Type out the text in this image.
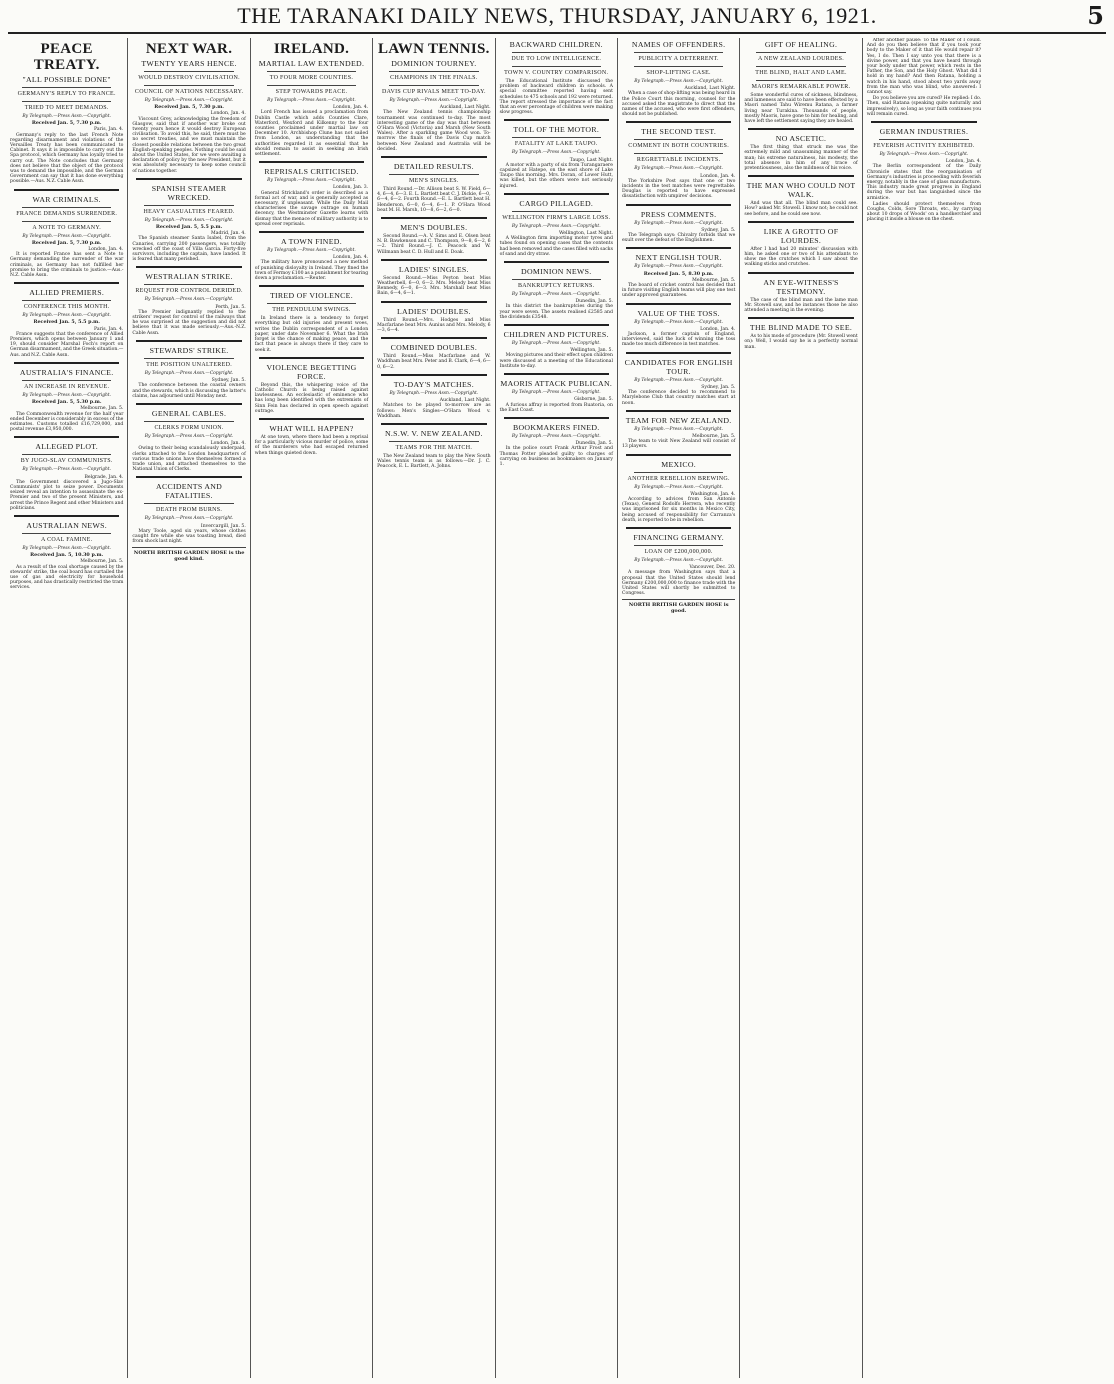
THE TARANAKI DAILY NEWS, THURSDAY, JANUARY 6, 1921.	5
PEACE TREATY.
"ALL POSSIBLE DONE"
GERMANY'S REPLY TO FRANCE.
TRIED TO MEET DEMANDS.
By Telegraph.—Press Assn.—Copyright.
Received Jan. 5, 7.30 p.m.
Paris, Jan. 4.
Germany's reply to the last French Note regarding disarmament and violations of the Versailles Treaty has been communicated to Cabinet. It says it is impossible to carry out the Spa protocol, which Germany has loyally tried to carry out. The Note concludes that Germany does not believe that the object of the protocol was to demand the impossible, and the German Government can say that it has done everything possible.—Aus. N.Z. Cable Assn.
WAR CRIMINALS.
FRANCE DEMANDS SURRENDER.
A NOTE TO GERMANY.
By Telegraph.—Press Assn.—Copyright.
Received Jan. 5, 7.30 p.m.
London, Jan. 4.
It is reported France has sent a Note to Germany demanding the surrender of the war criminals, as Germany has not fulfilled her promise to bring the criminals to justice.—Aus.-N.Z. Cable Assn.
ALLIED PREMIERS.
CONFERENCE THIS MONTH.
By Telegraph.—Press Assn.—Copyright.
Received Jan. 5, 5.5 p.m.
Paris, Jan. 4.
France suggests that the conference of Allied Premiers, which opens between January 1 and 19, should consider Marshal Foch's report on German disarmament, and the Greek situation.—Aus. and N.Z. Cable Assn.
AUSTRALIA'S FINANCE.
AN INCREASE IN REVENUE.
By Telegraph.—Press Assn.—Copyright.
Received Jan. 5, 5.30 p.m.
Melbourne, Jan. 5.
The Commonwealth revenue for the half year ended December is considerably in excess of the estimates. Customs totalled £16,729,000, and postal revenue £3,950,000.
ALLEGED PLOT.
BY JUGO-SLAV COMMUNISTS.
By Telegraph.—Press Assn.—Copyright.
Belgrade, Jan. 4.
The Government discovered a Jugo-Slav Communists' plot to seize power. Documents seized reveal an intention to assassinate the ex-Premier and two of the present Ministers, and arrest the Prince Regent and other Ministers and politicians.
AUSTRALIAN NEWS.
A COAL FAMINE.
By Telegraph.—Press Assn.—Copyright.
Received Jan. 5, 10.30 p.m.
Melbourne, Jan. 5.
As a result of the coal shortage caused by the stewards' strike, the coal board has curtailed the use of gas and electricity for household purposes, and has drastically restricted the tram services.
NEXT WAR.
TWENTY YEARS HENCE.
WOULD DESTROY CIVILISATION.
COUNCIL OF NATIONS NECESSARY.
By Telegraph.—Press Assn.—Copyright.
Received Jan. 5, 7.30 p.m.
London, Jan. 4.
Viscount Grey, acknowledging the freedom of Glasgow, said that if another war broke out twenty years hence it would destroy European civilisation. To avoid this, he said, there must be no secret treaties, and we must maintain the closest possible relations between the two great English-speaking peoples. Nothing could be said about the United States, for we were awaiting a declaration of policy by the new President, but it was absolutely necessary to keep some council of nations together.
SPANISH STEAMER WRECKED.
HEAVY CASUALTIES FEARED.
By Telegraph.—Press Assn.—Copyright.
Received Jan. 5, 5.5 p.m.
Madrid, Jan. 4.
The Spanish steamer Santa Isabel, from the Canaries, carrying 200 passengers, was totally wrecked off the coast of Villa Garcia. Forty-five survivors, including the captain, have landed. It is feared that many perished.
WESTRALIAN STRIKE.
REQUEST FOR CONTROL DERIDED.
By Telegraph.—Press Assn.—Copyright.
Perth, Jan. 5.
The Premier indignantly replied to the strikers' request for control of the railways that he was surprised at the suggestion and did not believe that it was made seriously.—Aus.-N.Z. Cable Assn.
STEWARDS' STRIKE.
THE POSITION UNALTERED.
By Telegraph.—Press Assn.—Copyright.
Sydney, Jan. 5.
The conference between the coastal owners and the stewards, which is discussing the latter's claims, has adjourned until Monday next.
GENERAL CABLES.
CLERKS FORM UNION.
By Telegraph.—Press Assn.—Copyright.
London, Jan. 4.
Owing to their being scandalously underpaid, clerks attached to the London headquarters of various trade unions have themselves formed a trade union, and attached themselves to the National Union of Clerks.
ACCIDENTS AND FATALITIES.
DEATH FROM BURNS.
By Telegraph.—Press Assn.—Copyright.
Invercargill, Jan. 5.
Mary Toole, aged six years, whose clothes caught fire while she was toasting bread, died from shock last night.
NORTH BRITISH GARDEN HOSE is the good kind.
IRELAND.
MARTIAL LAW EXTENDED.
TO FOUR MORE COUNTIES.
STEP TOWARDS PEACE.
By Telegraph.—Press Assn.—Copyright.
London, Jan. 4.
Lord French has issued a proclamation from Dublin Castle which adds Counties Clare, Waterford, Wexford and Kilkenny to the four counties proclaimed under martial law on December 10. Archbishop Clune has not sailed from London, as understanding that the authorities regarded it as essential that he should remain to assist in seeking an Irish settlement.
REPRISALS CRITICISED.
By Telegraph.—Press Assn.—Copyright.
London, Jan. 3.
General Strickland's order is described as a formal act of war, and is generally accepted as necessary, if unpleasant. While the Daily Mail characterises the savage outrage on human decency, the Westminster Gazette learns with dismay that the menace of military authority is to spread over reprisals.
A TOWN FINED.
By Telegraph.—Press Assn.—Copyright.
London, Jan. 4.
The military have pronounced a new method of punishing disloyalty in Ireland. They fined the town of Fermoy £100 as a punishment for tearing down a proclamation.—Reuter.
TIRED OF VIOLENCE.
THE PENDULUM SWINGS.
In Ireland there is a tendency to forget everything but old injuries and present woes, writes the Dublin correspondent of a London paper, under date November 6. What the Irish forget is the chance of making peace, and the fact that peace is always there if they care to seek it.
VIOLENCE BEGETTING FORCE.
Beyond this, the whispering voice of the Catholic Church is being raised against lawlessness. An ecclesiastic of eminence who has long been identified with the extremists of Sinn Fein has declared in open speech against outrage.
WHAT WILL HAPPEN?
At one town, where there had been a reprisal for a particularly vicious murder of police, some of the murderers who had escaped returned when things quieted down.
LAWN TENNIS.
DOMINION TOURNEY.
CHAMPIONS IN THE FINALS.
DAVIS CUP RIVALS MEET TO-DAY.
By Telegraph.—Press Assn.—Copyright.
Auckland, Last Night.
The New Zealand tennis championship tournament was continued to-day. The most interesting game of the day was that between O'Hara Wood (Victoria) and Marsh (New South Wales). After a sparkling game Wood won. To-morrow the finals of the Davis Cup match between New Zealand and Australia will be decided.
DETAILED RESULTS.
MEN'S SINGLES.
Third Round.—Dr. Allison beat S. W. Field, 6—4, 6—4, 6—3. E. L. Bartlett beat C. J. Dickie, 6—0, 6—4, 6—2. Fourth Round.—E. L. Bartlett beat H. Henderson, 6—0, 6—4, 6—1. P. O'Hara Wood beat M. H. Marsh, 10—8, 6—2, 6—0.
MEN'S DOUBLES.
Second Round.—A. V. Sims and E. Olsen beat N. B. Bawkenson and C. Thompson, 9—8, 6—2, 6—2. Third Round.—J. C. Peacock and W. Willmann beat C. D. Hull and E. Doak.
LADIES' SINGLES.
Second Round.—Miss Peyton beat Miss Weatherbell, 6—0, 6—2. Mrs. Melody beat Miss Rennedy, 6—0, 6—3. Mrs. Marshall beat Miss Bain, 6—4, 6—1.
LADIES' DOUBLES.
Third Round.—Mrs. Hodges and Miss Macfarlane beat Mrs. Aunius and Mrs. Melody, 6—3, 6—4.
COMBINED DOUBLES.
Third Round.—Miss Macfarlane and W. Waddham beat Mrs. Peter and B. Clark, 6—4, 6—0, 6—2.
TO-DAY'S MATCHES.
By Telegraph.—Press Assn.—Copyright.
Auckland, Last Night.
Matches to be played to-morrow are as follows: Men's Singles—O'Hara Wood v. Waddham.
N.S.W. V. NEW ZEALAND.
TEAMS FOR THE MATCH.
The New Zealand team to play the New South Wales tennis team is as follows:—Dr. J. C. Peacock, E. L. Bartlett, A. Johns.
BACKWARD CHILDREN.
DUE TO LOW INTELLIGENCE.
TOWN V. COUNTRY COMPARISON.
The Educational Institute discussed the problem of backward children in schools. A special committee reported having sent schedules to 475 schools and 192 were returned. The report stressed the importance of the fact that an ever percentage of children were making slow progress.
TOLL OF THE MOTOR.
FATALITY AT LAKE TAUPO.
By Telegraph.—Press Assn.—Copyright.
Taupo, Last Night.
A motor with a party of six from Turangaraere capsized at Hatepe, on the east shore of Lake Taupo this morning. Mrs. Doran, of Lower Hutt, was killed, but the others were not seriously injured.
CARGO PILLAGED.
WELLINGTON FIRM'S LARGE LOSS.
By Telegraph.—Press Assn.—Copyright.
Wellington, Last Night.
A Wellington firm importing motor tyres and tubes found on opening cases that the contents had been removed and the cases filled with sacks of sand and dry straw.
DOMINION NEWS.
BANKRUPTCY RETURNS.
By Telegraph.—Press Assn.—Copyright.
Dunedin, Jan. 5.
In this district the bankruptcies during the year were seven. The assets realised £2585 and the dividends £3548.
CHILDREN AND PICTURES.
By Telegraph.—Press Assn.—Copyright.
Wellington, Jan. 5.
Moving pictures and their effect upon children were discussed at a meeting of the Educational Institute to-day.
MAORIS ATTACK PUBLICAN.
By Telegraph.—Press Assn.—Copyright.
Gisborne, Jan. 5.
A furious affray is reported from Ruatoria, on the East Coast.
BOOKMAKERS FINED.
By Telegraph.—Press Assn.—Copyright.
Dunedin, Jan. 5.
In the police court Frank Arthur Frost and Thomas Potter pleaded guilty to charges of carrying on business as bookmakers on January 1.
NAMES OF OFFENDERS.
PUBLICITY A DETERRENT.
SHOP-LIFTING CASE.
By Telegraph.—Press Assn.—Copyright.
Auckland, Last Night.
When a case of shop-lifting was being heard in the Police Court this morning, counsel for the accused asked the magistrate to direct that the names of the accused, who were first offenders, should not be published.
THE SECOND TEST.
COMMENT IN BOTH COUNTRIES.
REGRETTABLE INCIDENTS.
By Telegraph.—Press Assn.—Copyright.
London, Jan. 4.
The Yorkshire Post says that one or two incidents in the test matches were regrettable. Douglas is reported to have expressed dissatisfaction with umpires' decisions.
PRESS COMMENTS.
By Telegraph.—Press Assn.—Copyright.
Sydney, Jan. 5.
The Telegraph says: Chivalry forbids that we exult over the defeat of the Englishmen.
NEXT ENGLISH TOUR.
By Telegraph.—Press Assn.—Copyright.
Received Jan. 5, 8.30 p.m.
Melbourne, Jan. 5.
The board of cricket control has decided that in future visiting English teams will play one test under approved guarantees.
VALUE OF THE TOSS.
By Telegraph.—Press Assn.—Copyright.
London, Jan. 4.
Jackson, a former captain of England, interviewed, said the luck of winning the toss made too much difference in test matches.
CANDIDATES FOR ENGLISH TOUR.
By Telegraph.—Press Assn.—Copyright.
Sydney, Jan. 5.
The conference decided to recommend to Marylebone Club that country matches start at noon.
TEAM FOR NEW ZEALAND.
By Telegraph.—Press Assn.—Copyright.
Melbourne, Jan. 5.
The team to visit New Zealand will consist of 13 players.
MEXICO.
ANOTHER REBELLION BREWING.
By Telegraph.—Press Assn.—Copyright.
Washington, Jan. 4.
According to advices from San Antonio (Texas), General Rodolfo Herrera, who recently was imprisoned for six months in Mexico City, being accused of responsibility for Carranza's death, is reported to be in rebellion.
FINANCING GERMANY.
LOAN OF £200,000,000.
By Telegraph.—Press Assn.—Copyright.
Vancouver, Dec. 20.
A message from Washington says that a proposal that the United States should lend Germany £200,000,000 to finance trade with the United States will shortly be submitted to Congress.
NORTH BRITISH GARDEN HOSE is good.
GIFT OF HEALING.
A NEW ZEALAND LOURDES.
THE BLIND, HALT AND LAME.
MAORI'S REMARKABLE POWER.
Some wonderful cures of sickness, blindness, and lameness are said to have been effected by a Maori named Tahu Wiremu Ratana, a farmer living near Turakina. Thousands of people, mostly Maoris, have gone to him for healing, and have left the settlement saying they are healed.
NO ASCETIC.
The first thing that struck me was the extremely mild and unassuming manner of the man; his extreme naturalness, his modesty, the total absence in him of any trace of pretentiousness, also the mildness of his voice.
THE MAN WHO COULD NOT WALK.
And was that all. The blind man could see. How? asked Mr. Stowell. I know not; he could not see before, and he could see now.
LIKE A GROTTO OF LOURDES.
After I had had 20 minutes' discussion with him, he asked one or two of his attendants to show me the crutches which I saw about the walking sticks and crutches.
AN EYE-WITNESS'S TESTIMONY.
The case of the blind man and the lame man Mr. Stowell saw, and he instances those he also attended a meeting in the evening.
THE BLIND MADE TO SEE.
As to his mode of procedure (Mr. Stowell went on): Well, I would say he is a perfectly normal man.
After another pause: To the Maker of I could. And do you then believe that if you took your body to the Maker of it that He would repair it? Yes, I do. Then I say unto you that there is a divine power, and that you have heard through your body under that power, which rests in the Father, the Son, and the Holy Ghost. What did I hold in my hand? And then Ratana, holding a watch in his hand, stood about two yards away from the man who was blind, who answered: I cannot say.
Do you believe you are cured? He replied: I do. Then, said Ratana (speaking quite naturally and impressively), so long as your faith continues you will remain cured.
GERMAN INDUSTRIES.
FEVERISH ACTIVITY EXHIBITED.
By Telegraph.—Press Assn.—Copyright.
London, Jan. 4.
The Berlin correspondent of the Daily Chronicle states that the reorganisation of Germany's industries is proceeding with feverish energy, notably in the case of glass manufacture. This industry made great progress in England during the war but has languished since the armistice.
Ladies should protect themselves from Coughs, Colds, Sore Throats, etc., by carrying about 10 drops of Woods' on a handkerchief and placing it inside a blouse on the chest.
